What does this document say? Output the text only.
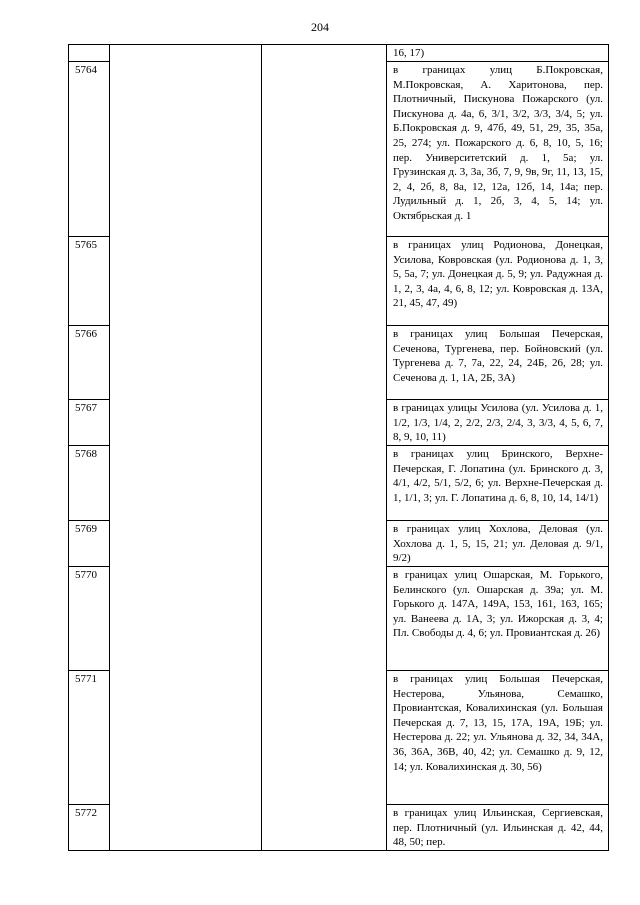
204
			16, 17)
5764			в границах улиц Б.Покровская, М.Покровская, А. Харитонова, пер. Плотничный, Пискунова Пожарского (ул. Пискунова д. 4а, 6, 3/1, 3/2, 3/3, 3/4, 5; ул. Б.Покровская д. 9, 47б, 49, 51, 29, 35, 35а, 25, 274; ул. Пожарского д. 6, 8, 10, 5, 16; пер. Университетский д. 1, 5а; ул. Грузинская д. 3, 3а, 3б, 7, 9, 9в, 9г, 11, 13, 15, 2, 4, 2б, 8, 8а, 12, 12а, 12б, 14, 14а; пер. Лудильный д. 1, 2б, 3, 4, 5, 14; ул. Октябрьская д. 1
5765			в границах улиц Родионова, Донецкая, Усилова, Ковровская (ул. Родионова д. 1, 3, 5, 5а, 7; ул. Донецкая д. 5, 9; ул. Радужная д. 1, 2, 3, 4а, 4, 6, 8, 12; ул. Ковровская д. 13А, 21, 45, 47, 49)
5766			в границах улиц Большая Печерская, Сеченова, Тургенева, пер. Бойновский (ул. Тургенева д. 7, 7а, 22, 24, 24Б, 26, 28; ул. Сеченова д. 1, 1А, 2Б, 3А)
5767			в границах улицы Усилова (ул. Усилова д. 1, 1/2, 1/3, 1/4, 2, 2/2, 2/3, 2/4, 3, 3/3, 4, 5, 6, 7, 8, 9, 10, 11)
5768			в границах улиц Бринского, Верхне-Печерская, Г. Лопатина (ул. Бринского д. 3, 4/1, 4/2, 5/1, 5/2, 6; ул. Верхне-Печерская д. 1, 1/1, 3; ул. Г. Лопатина д. 6, 8, 10, 14, 14/1)
5769			в границах улиц Хохлова, Деловая (ул. Хохлова д. 1, 5, 15, 21; ул. Деловая д. 9/1, 9/2)
5770			в границах улиц Ошарская, М. Горького, Белинского (ул. Ошарская д. 39а; ул. М. Горького д. 147А, 149А, 153, 161, 163, 165; ул. Ванеева д. 1А, 3; ул. Ижорская д. 3, 4; Пл. Свободы д. 4, 6; ул. Провиантская д. 26)
5771			в границах улиц Большая Печерская, Нестерова, Ульянова, Семашко, Провиантская, Ковалихинская (ул. Большая Печерская д. 7, 13, 15, 17А, 19А, 19Б; ул. Нестерова д. 22; ул. Ульянова д. 32, 34, 34А, 36, 36А, 36В, 40, 42; ул. Семашко д. 9, 12, 14; ул. Ковалихинская д. 30, 56)
5772			в границах улиц Ильинская, Сергиевская, пер. Плотничный (ул. Ильинская д. 42, 44, 48, 50; пер.
